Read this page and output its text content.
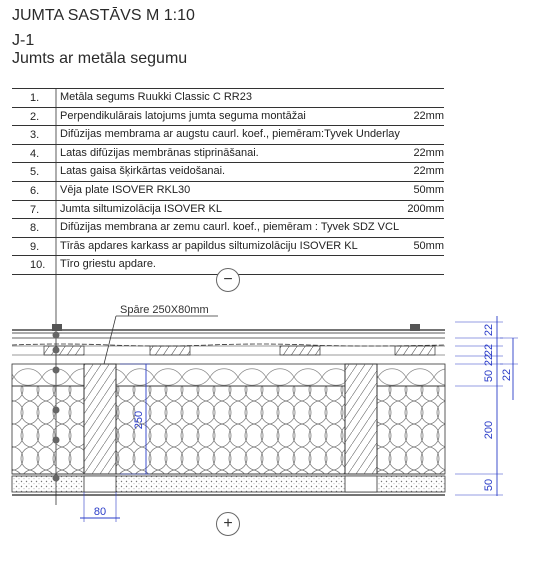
JUMTA SASTĀVS M 1:10
J-1
Jumts ar metāla segumu
1. Metāla segums Ruukki Classic C RR23
2. Perpendikulārais latojums jumta seguma montāžai	22mm
3. Difūzijas membrama ar augstu caurl. koef., piemēram:Tyvek Underlay
4. Latas difūzijas membrānas stiprināšanai.	22mm
5. Latas gaisa šķirkārtas veidošanai.	22mm
6. Vēja plate ISOVER RKL30	50mm
7. Jumta siltumizolācija ISOVER KL	200mm
8. Difūzijas membrana ar zemu caurl. koef., piemēram : Tyvek SDZ VCL
9. Tīrās apdares karkass ar papildus siltumizolāciju ISOVER KL	50mm
10. Tīro griestu apdare.
250
Spāre 250X80mm
80
22
22
22
50
200
50
22
−
+
